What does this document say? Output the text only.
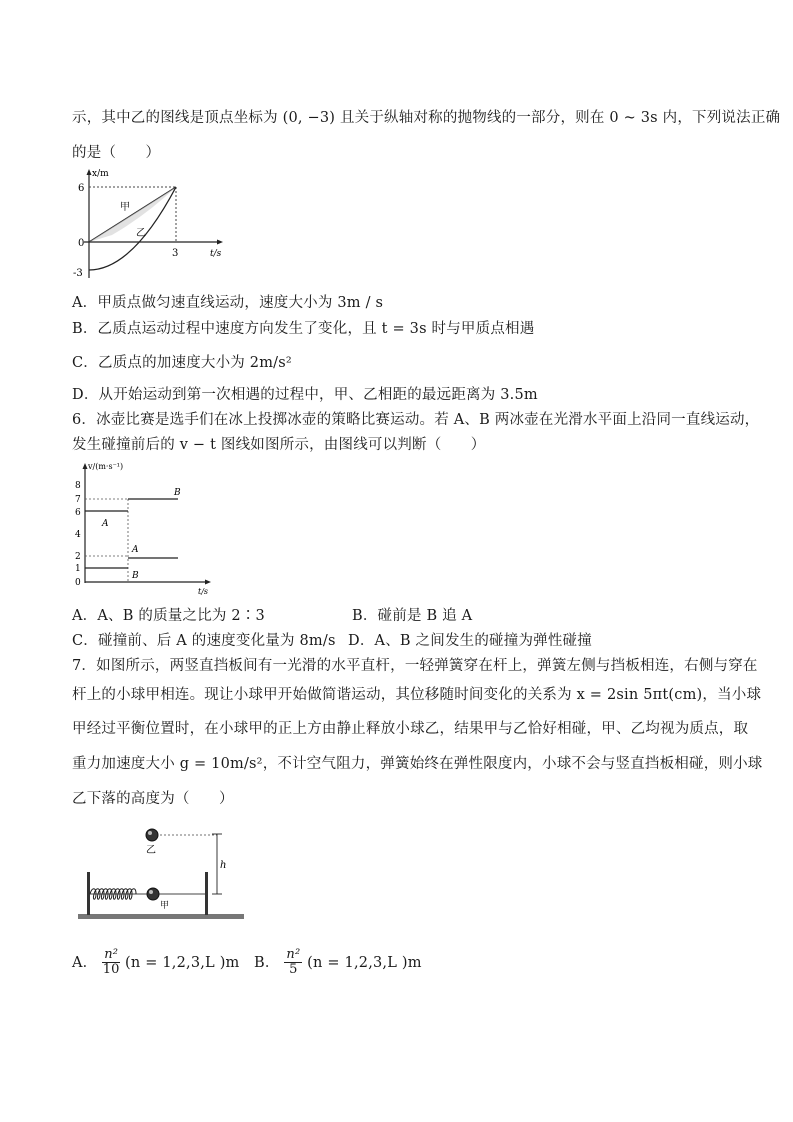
示，其中乙的图线是顶点坐标为 (0, −3) 且关于纵轴对称的抛物线的一部分，则在 0 ~ 3s 内，下列说法正确
的是（　　）
x/m
t/s
6
0
-3
3
甲
乙
A．甲质点做匀速直线运动，速度大小为 3m / s
B．乙质点运动过程中速度方向发生了变化，且 t = 3s 时与甲质点相遇
C．乙质点的加速度大小为 2m/s²
D．从开始运动到第一次相遇的过程中，甲、乙相距的最远距离为 3.5m
6．冰壶比赛是选手们在冰上投掷冰壶的策略比赛运动。若 A、B 两冰壶在光滑水平面上沿同一直线运动，
发生碰撞前后的 v − t 图线如图所示，由图线可以判断（　　）
v/(m·s⁻¹)
t/s
8
7
6
4
2
1
0
A
A
B
B
A．A、B 的质量之比为 2∶3	B．碰前是 B 追 A
C．碰撞前、后 A 的速度变化量为 8m/s D．A、B 之间发生的碰撞为弹性碰撞
7．如图所示，两竖直挡板间有一光滑的水平直杆，一轻弹簧穿在杆上，弹簧左侧与挡板相连，右侧与穿在
杆上的小球甲相连。现让小球甲开始做简谐运动，其位移随时间变化的关系为 x = 2sin 5πt(cm)，当小球
甲经过平衡位置时，在小球甲的正上方由静止释放小球乙，结果甲与乙恰好相碰，甲、乙均视为质点，取
重力加速度大小 g = 10m/s²，不计空气阻力，弹簧始终在弹性限度内，小球不会与竖直挡板相碰，则小球
乙下落的高度为（　　）
乙
甲
h
A． $\frac{\text{n²}}{10} (n = 1,2,3,L$ )m B． $\frac{\text{n²}}{5} (n = 1,2,3,L$ )m
